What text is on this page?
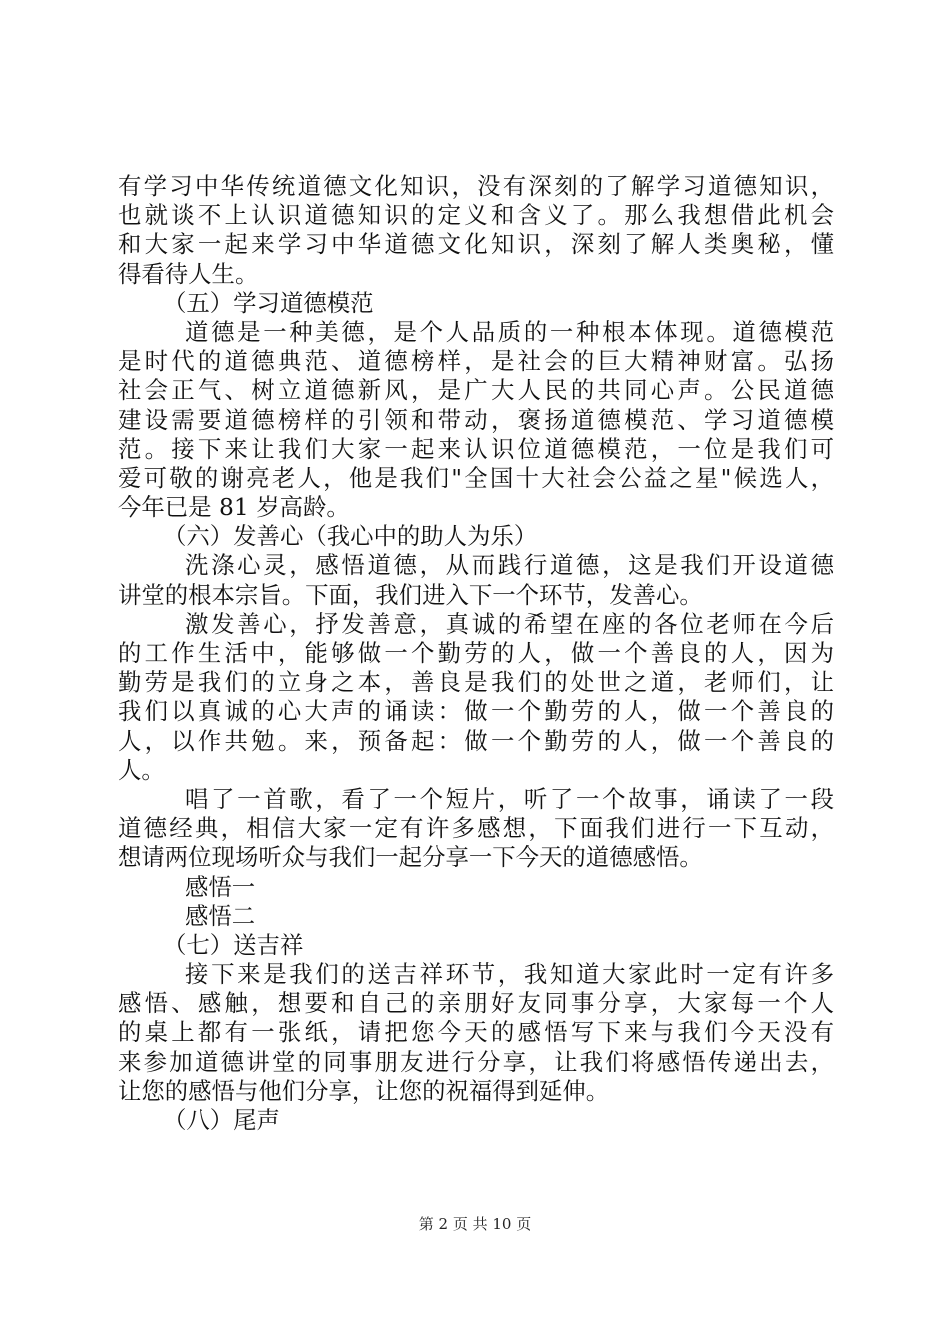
有学习中华传统道德文化知识，没有深刻的了解学习道德知识，
也就谈不上认识道德知识的定义和含义了。那么我想借此机会
和大家一起来学习中华道德文化知识，深刻了解人类奥秘，懂
得看待人生。
（五）学习道德模范
道德是一种美德，是个人品质的一种根本体现。道德模范
是时代的道德典范、道德榜样，是社会的巨大精神财富。弘扬
社会正气、树立道德新风，是广大人民的共同心声。公民道德
建设需要道德榜样的引领和带动，褒扬道德模范、学习道德模
范。接下来让我们大家一起来认识位道德模范，一位是我们可
爱可敬的谢亮老人，他是我们"全国十大社会公益之星"候选人，
今年已是 81 岁高龄。
（六）发善心（我心中的助人为乐）
洗涤心灵，感悟道德，从而践行道德，这是我们开设道德
讲堂的根本宗旨。下面，我们进入下一个环节，发善心。
激发善心，抒发善意，真诚的希望在座的各位老师在今后
的工作生活中，能够做一个勤劳的人，做一个善良的人，因为
勤劳是我们的立身之本，善良是我们的处世之道，老师们，让
我们以真诚的心大声的诵读：做一个勤劳的人，做一个善良的
人，以作共勉。来，预备起：做一个勤劳的人，做一个善良的
人。
唱了一首歌，看了一个短片，听了一个故事，诵读了一段
道德经典，相信大家一定有许多感想，下面我们进行一下互动，
想请两位现场听众与我们一起分享一下今天的道德感悟。
感悟一
感悟二
（七）送吉祥
接下来是我们的送吉祥环节，我知道大家此时一定有许多
感悟、感触，想要和自己的亲朋好友同事分享，大家每一个人
的桌上都有一张纸，请把您今天的感悟写下来与我们今天没有
来参加道德讲堂的同事朋友进行分享，让我们将感悟传递出去，
让您的感悟与他们分享，让您的祝福得到延伸。
（八）尾声
第 2 页 共 10 页
